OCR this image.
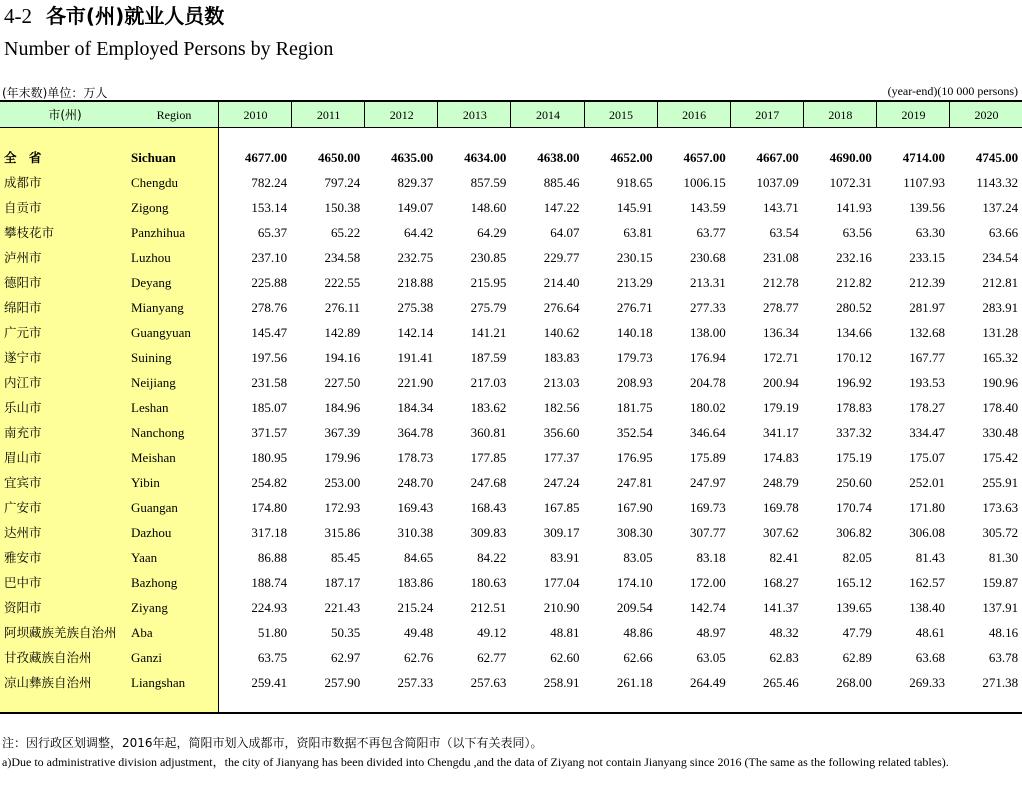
4-2 各市(州)就业人员数
Number of Employed Persons by Region
(年末数)单位：万人	(year-end)(10 000 persons)
市(州)	Region	2010	2011	2012	2013	2014	2015	2016	2017	2018	2019	2020
全 省	Sichuan	4677.00	4650.00	4635.00	4634.00	4638.00	4652.00	4657.00	4667.00	4690.00	4714.00	4745.00
成都市	Chengdu	782.24	797.24	829.37	857.59	885.46	918.65	1006.15	1037.09	1072.31	1107.93	1143.32
自贡市	Zigong	153.14	150.38	149.07	148.60	147.22	145.91	143.59	143.71	141.93	139.56	137.24
攀枝花市	Panzhihua	65.37	65.22	64.42	64.29	64.07	63.81	63.77	63.54	63.56	63.30	63.66
泸州市	Luzhou	237.10	234.58	232.75	230.85	229.77	230.15	230.68	231.08	232.16	233.15	234.54
德阳市	Deyang	225.88	222.55	218.88	215.95	214.40	213.29	213.31	212.78	212.82	212.39	212.81
绵阳市	Mianyang	278.76	276.11	275.38	275.79	276.64	276.71	277.33	278.77	280.52	281.97	283.91
广元市	Guangyuan	145.47	142.89	142.14	141.21	140.62	140.18	138.00	136.34	134.66	132.68	131.28
遂宁市	Suining	197.56	194.16	191.41	187.59	183.83	179.73	176.94	172.71	170.12	167.77	165.32
内江市	Neijiang	231.58	227.50	221.90	217.03	213.03	208.93	204.78	200.94	196.92	193.53	190.96
乐山市	Leshan	185.07	184.96	184.34	183.62	182.56	181.75	180.02	179.19	178.83	178.27	178.40
南充市	Nanchong	371.57	367.39	364.78	360.81	356.60	352.54	346.64	341.17	337.32	334.47	330.48
眉山市	Meishan	180.95	179.96	178.73	177.85	177.37	176.95	175.89	174.83	175.19	175.07	175.42
宜宾市	Yibin	254.82	253.00	248.70	247.68	247.24	247.81	247.97	248.79	250.60	252.01	255.91
广安市	Guangan	174.80	172.93	169.43	168.43	167.85	167.90	169.73	169.78	170.74	171.80	173.63
达州市	Dazhou	317.18	315.86	310.38	309.83	309.17	308.30	307.77	307.62	306.82	306.08	305.72
雅安市	Yaan	86.88	85.45	84.65	84.22	83.91	83.05	83.18	82.41	82.05	81.43	81.30
巴中市	Bazhong	188.74	187.17	183.86	180.63	177.04	174.10	172.00	168.27	165.12	162.57	159.87
资阳市	Ziyang	224.93	221.43	215.24	212.51	210.90	209.54	142.74	141.37	139.65	138.40	137.91
阿坝藏族羌族自治州 Aba	51.80	50.35	49.48	49.12	48.81	48.86	48.97	48.32	47.79	48.61	48.16
甘孜藏族自治州	Ganzi	63.75	62.97	62.76	62.77	62.60	62.66	63.05	62.83	62.89	63.68	63.78
凉山彝族自治州	Liangshan	259.41	257.90	257.33	257.63	258.91	261.18	264.49	265.46	268.00	269.33	271.38
注：因行政区划调整，2016年起，简阳市划入成都市，资阳市数据不再包含简阳市（以下有关表同）。
a)Due to administrative division adjustment，the city of Jianyang has been divided into Chengdu ,and the data of Ziyang not contain Jianyang since 2016 (The same as the following related tables).
